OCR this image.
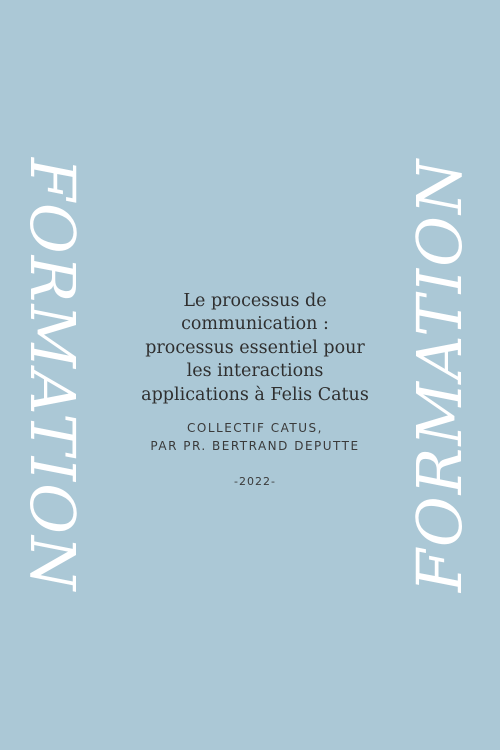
FORMATION	FORMATION
Le processus de
communication :
processus essentiel pour
les interactions
applications à Felis Catus
COLLECTIF CATUS,
PAR PR. BERTRAND DEPUTTE
-2022-
